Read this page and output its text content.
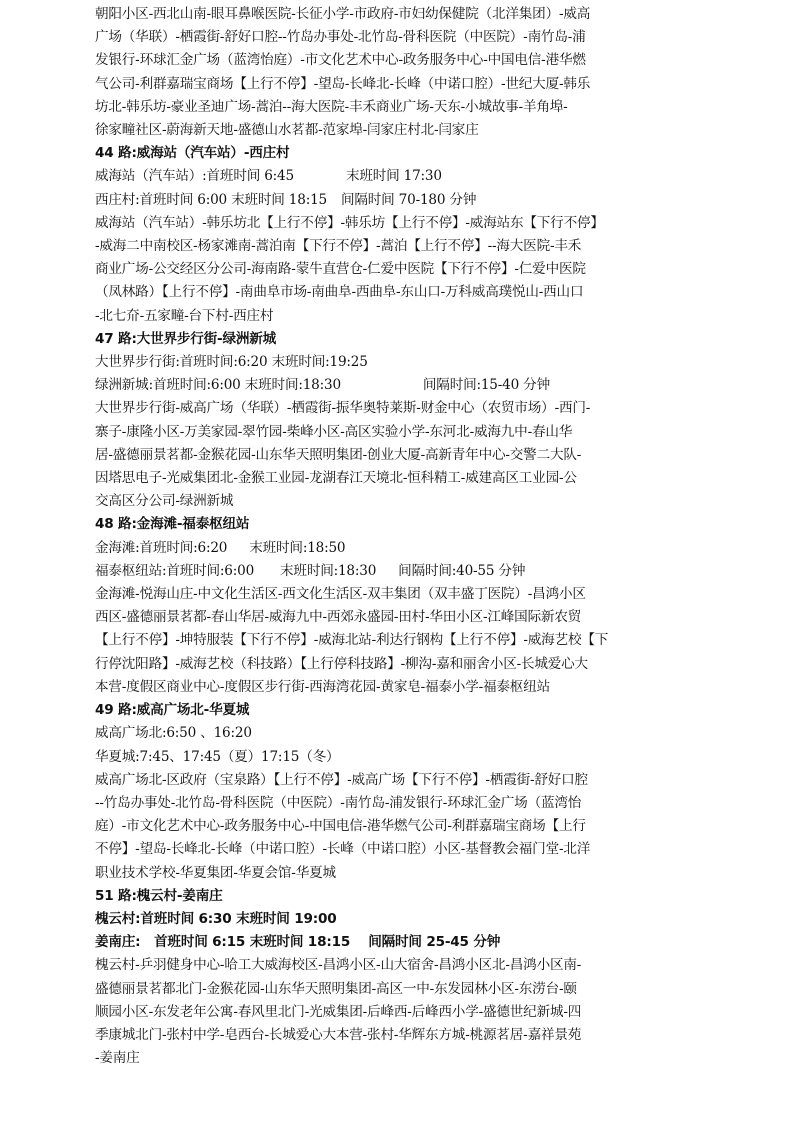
朝阳小区-西北山南-眼耳鼻喉医院-长征小学-市政府-市妇幼保健院（北洋集团）-威高
广场（华联）-栖霞街-舒好口腔--竹岛办事处-北竹岛-骨科医院（中医院）-南竹岛-浦
发银行-环球汇金广场（蓝湾怡庭）-市文化艺术中心-政务服务中心-中国电信-港华燃
气公司-利群嘉瑞宝商场【上行不停】-望岛-长峰北-长峰（中诺口腔）-世纪大厦-韩乐
坊北-韩乐坊-豪业圣迪广场-蒿泊--海大医院-丰禾商业广场-天东-小城故事-羊角埠-
徐家疃社区-蔚海新天地-盛德山水茗都-范家埠-闫家庄村北-闫家庄
44 路:威海站（汽车站）-西庄村
威海站（汽车站）:首班时间 6:45	末班时间 17:30
西庄村:首班时间 6:00 末班时间 18:15 间隔时间 70-180 分钟
威海站（汽车站）-韩乐坊北【上行不停】-韩乐坊【上行不停】-威海站东【下行不停】
-威海二中南校区-杨家滩南-蒿泊南【下行不停】-蒿泊【上行不停】--海大医院-丰禾
商业广场-公交经区分公司-海南路-蒙牛直营仓-仁爱中医院【下行不停】-仁爱中医院
（凤林路）【上行不停】-南曲阜市场-南曲阜-西曲阜-东山口-万科威高璞悦山-西山口
-北七夼-五家疃-台下村-西庄村
47 路:大世界步行街-绿洲新城
大世界步行街:首班时间:6:20 末班时间:19:25
绿洲新城:首班时间:6:00 末班时间:18:30	间隔时间:15-40 分钟
大世界步行街-威高广场（华联）-栖霞街-振华奥特莱斯-财金中心（农贸市场）-西门-
寨子-康隆小区-万美家园-翠竹园-柴峰小区-高区实验小学-东河北-威海九中-春山华
居-盛德丽景茗都-金猴花园-山东华天照明集团-创业大厦-高新青年中心-交警二大队-
因塔思电子-光威集团北-金猴工业园-龙湖春江天境北-恒科精工-威建高区工业园-公
交高区分公司-绿洲新城
48 路:金海滩-福泰枢纽站
金海滩:首班时间:6:20 末班时间:18:50
福泰枢纽站:首班时间:6:00 末班时间:18:30 间隔时间:40-55 分钟
金海滩-悦海山庄-中文化生活区-西文化生活区-双丰集团（双丰盛丁医院）-昌鸿小区
西区-盛德丽景茗都-春山华居-威海九中-西郊永盛园-田村-华田小区-江峰国际新农贸
【上行不停】-坤特服装【下行不停】-威海北站-利达行钢构【上行不停】-威海艺校【下
行停沈阳路】-威海艺校（科技路）【上行停科技路】-柳沟-嘉和丽舍小区-长城爱心大
本营-度假区商业中心-度假区步行街-西海湾花园-黄家皂-福泰小学-福泰枢纽站
49 路:威高广场北-华夏城
威高广场北:6:50 、16:20
华夏城:7:45、17:45（夏）17:15（冬）
威高广场北-区政府（宝泉路）【上行不停】-威高广场【下行不停】-栖霞街-舒好口腔
--竹岛办事处-北竹岛-骨科医院（中医院）-南竹岛-浦发银行-环球汇金广场（蓝湾怡
庭）-市文化艺术中心-政务服务中心-中国电信-港华燃气公司-利群嘉瑞宝商场【上行
不停】-望岛-长峰北-长峰（中诺口腔）-长峰（中诺口腔）小区-基督教会福门堂-北洋
职业技术学校-华夏集团-华夏会馆-华夏城
51 路:槐云村-姜南庄
槐云村:首班时间 6:30 末班时间 19:00
姜南庄: 首班时间 6:15 末班时间 18:15 间隔时间 25-45 分钟
槐云村-乒羽健身中心-哈工大威海校区-昌鸿小区-山大宿舍-昌鸿小区北-昌鸿小区南-
盛德丽景茗都北门-金猴花园-山东华天照明集团-高区一中-东发园林小区-东涝台-颐
顺园小区-东发老年公寓-春风里北门-光威集团-后峰西-后峰西小学-盛德世纪新城-四
季康城北门-张村中学-皂西台-长城爱心大本营-张村-华辉东方城-桃源茗居-嘉祥景苑
-姜南庄
